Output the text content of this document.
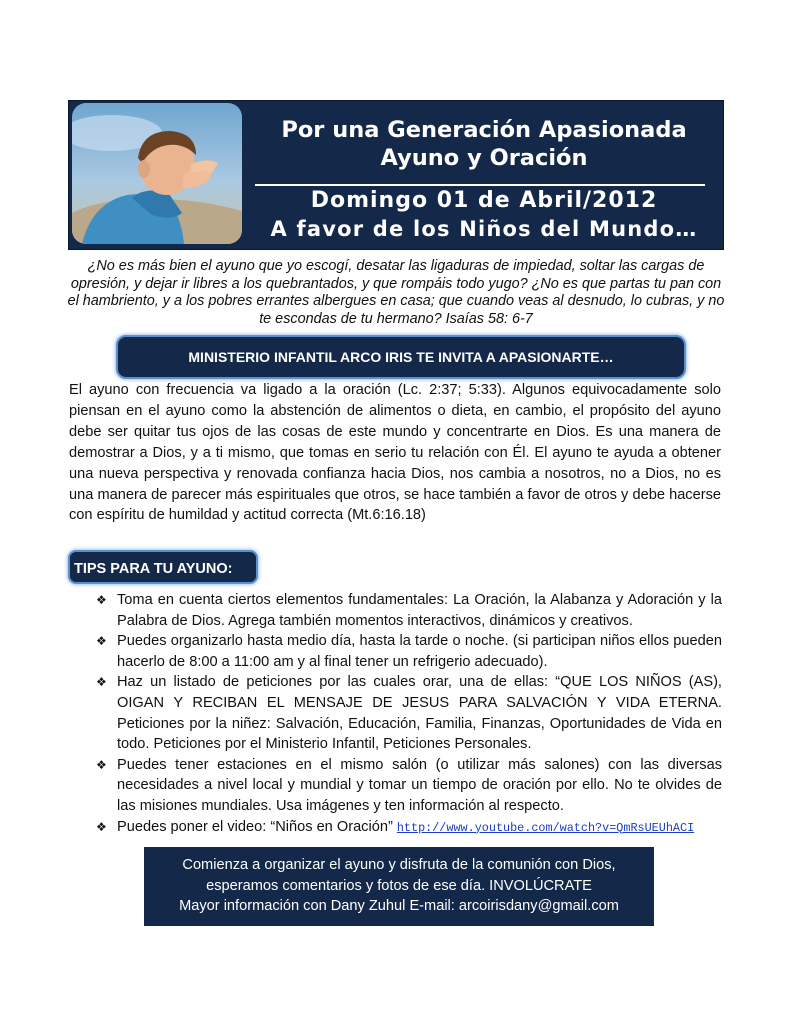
Por una Generación Apasionada
Ayuno y Oración
Domingo 01 de Abril/2012
A favor de los Niños del Mundo…

¿No es más bien el ayuno que yo escogí, desatar las ligaduras de impiedad, soltar las cargas de opresión, y dejar ir libres a los quebrantados, y que rompáis todo yugo? ¿No es que partas tu pan con el hambriento, y a los pobres errantes albergues en casa; que cuando veas al desnudo, lo cubras, y no te escondas de tu hermano? Isaías 58: 6-7

MINISTERIO INFANTIL ARCO IRIS TE INVITA A APASIONARTE…

El ayuno con frecuencia va ligado a la oración (Lc. 2:37; 5:33). Algunos equivocadamente solo piensan en el ayuno como la abstención de alimentos o dieta, en cambio, el propósito del ayuno debe ser quitar tus ojos de las cosas de este mundo y concentrarte en Dios. Es una manera de demostrar a Dios, y a ti mismo, que tomas en serio tu relación con Él. El ayuno te ayuda a obtener una nueva perspectiva y renovada confianza hacia Dios, nos cambia a nosotros, no a Dios, no es una manera de parecer más espirituales que otros, se hace también a favor de otros y debe hacerse con espíritu de humildad y actitud correcta (Mt.6:16.18)

TIPS PARA TU AYUNO:
❖ Toma en cuenta ciertos elementos fundamentales: La Oración, la Alabanza y Adoración y la Palabra de Dios. Agrega también momentos interactivos, dinámicos y creativos.
❖ Puedes organizarlo hasta medio día, hasta la tarde o noche. (si participan niños ellos pueden hacerlo de 8:00 a 11:00 am y al final tener un refrigerio adecuado).
❖ Haz un listado de peticiones por las cuales orar, una de ellas: “QUE LOS NIÑOS (AS), OIGAN Y RECIBAN EL MENSAJE DE JESUS PARA SALVACIÓN Y VIDA ETERNA. Peticiones por la niñez: Salvación, Educación, Familia, Finanzas, Oportunidades de Vida en todo. Peticiones por el Ministerio Infantil, Peticiones Personales.
❖ Puedes tener estaciones en el mismo salón (o utilizar más salones) con las diversas necesidades a nivel local y mundial y tomar un tiempo de oración por ello. No te olvides de las misiones mundiales. Usa imágenes y ten información al respecto.
❖ Puedes poner el video: “Niños en Oración” http://www.youtube.com/watch?v=QmRsUEUhACI
Comienza a organizar el ayuno y disfruta de la comunión con Dios,
esperamos comentarios y fotos de ese día. INVOLÚCRATE
Mayor información con Dany Zuhul E-mail: arcoirisdany@gmail.com
